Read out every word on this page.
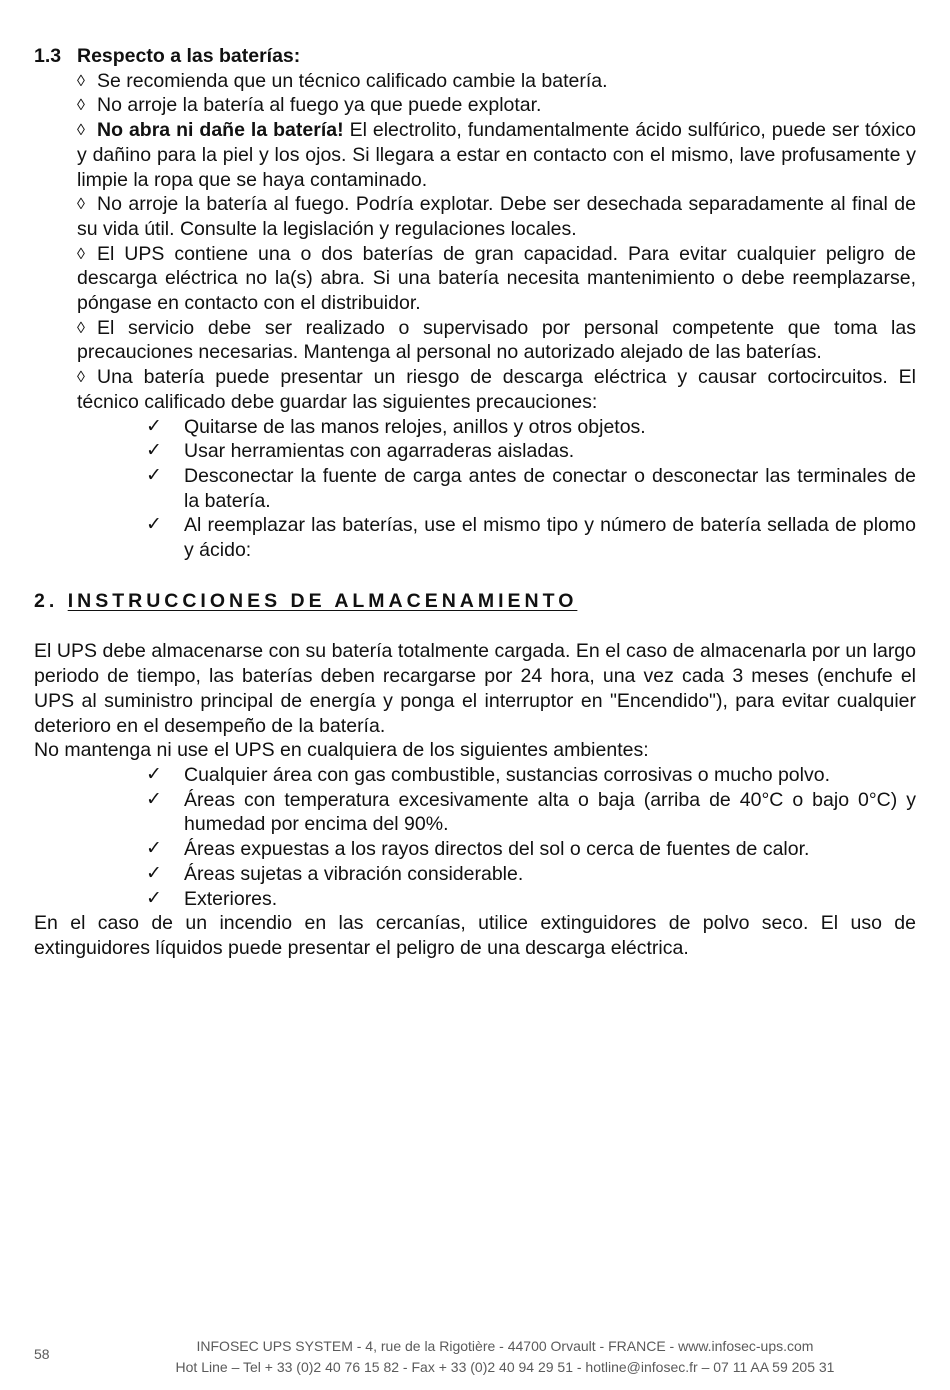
1.3 Respecto a las baterías:

◊ Se recomienda que un técnico calificado cambie la batería.

◊ No arroje la batería al fuego ya que puede explotar.

◊ No abra ni dañe la batería! El electrolito, fundamentalmente ácido sulfúrico, puede ser tóxico y dañino para la piel y los ojos. Si llegara a estar en contacto con el mismo, lave profusamente y limpie la ropa que se haya contaminado.

◊ No arroje la batería al fuego. Podría explotar. Debe ser desechada separadamente al final de su vida útil. Consulte la legislación y regulaciones locales.

◊ El UPS contiene una o dos baterías de gran capacidad. Para evitar cualquier peligro de descarga eléctrica no la(s) abra. Si una batería necesita mantenimiento o debe reemplazarse, póngase en contacto con el distribuidor.

◊ El servicio debe ser realizado o supervisado por personal competente que toma las precauciones necesarias. Mantenga al personal no autorizado alejado de las baterías.

◊ Una batería puede presentar un riesgo de descarga eléctrica y causar cortocircuitos. El técnico calificado debe guardar las siguientes precauciones:

✓ Quitarse de las manos relojes, anillos y otros objetos.
✓ Usar herramientas con agarraderas aisladas.
✓ Desconectar la fuente de carga antes de conectar o desconectar las terminales de la batería.
✓ Al reemplazar las baterías, use el mismo tipo y número de batería sellada de plomo y ácido:
2. INSTRUCCIONES DE ALMACENAMIENTO

El UPS debe almacenarse con su batería totalmente cargada. En el caso de almacenarla por un largo periodo de tiempo, las baterías deben recargarse por 24 hora, una vez cada 3 meses (enchufe el UPS al suministro principal de energía y ponga el interruptor en "Encendido"), para evitar cualquier deterioro en el desempeño de la batería.

No mantenga ni use el UPS en cualquiera de los siguientes ambientes:

✓ Cualquier área con gas combustible, sustancias corrosivas o mucho polvo.
✓ Áreas con temperatura excesivamente alta o baja (arriba de 40°C o bajo 0°C) y humedad por encima del 90%.
✓ Áreas expuestas a los rayos directos del sol o cerca de fuentes de calor.
✓ Áreas sujetas a vibración considerable.
✓ Exteriores.

En el caso de un incendio en las cercanías, utilice extinguidores de polvo seco. El uso de extinguidores líquidos puede presentar el peligro de una descarga eléctrica.

58	INFOSEC UPS SYSTEM - 4, rue de la Rigotière - 44700 Orvault - FRANCE - www.infosec-ups.com
Hot Line – Tel + 33 (0)2 40 76 15 82 - Fax + 33 (0)2 40 94 29 51 - hotline@infosec.fr – 07 11 AA 59 205 31
